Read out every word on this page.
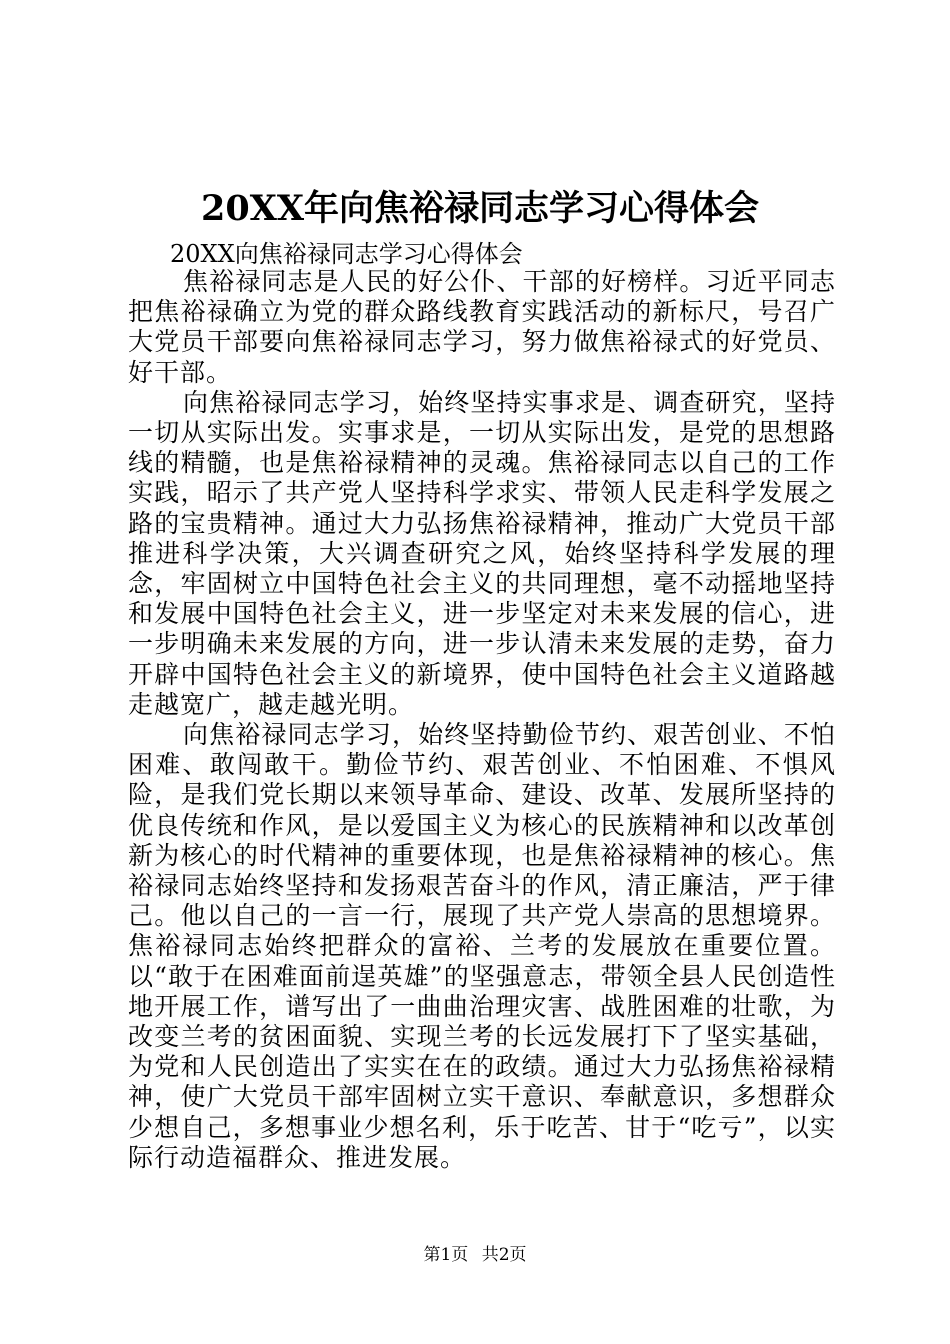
20XX年向焦裕禄同志学习心得体会
20XX向焦裕禄同志学习心得体会

焦裕禄同志是人民的好公仆、干部的好榜样。习近平同志把焦裕禄确立为党的群众路线教育实践活动的新标尺，号召广大党员干部要向焦裕禄同志学习，努力做焦裕禄式的好党员、好干部。

向焦裕禄同志学习，始终坚持实事求是、调查研究，坚持一切从实际出发。实事求是，一切从实际出发，是党的思想路线的精髓，也是焦裕禄精神的灵魂。焦裕禄同志以自己的工作实践，昭示了共产党人坚持科学求实、带领人民走科学发展之路的宝贵精神。通过大力弘扬焦裕禄精神，推动广大党员干部推进科学决策，大兴调查研究之风，始终坚持科学发展的理念，牢固树立中国特色社会主义的共同理想，毫不动摇地坚持和发展中国特色社会主义，进一步坚定对未来发展的信心，进一步明确未来发展的方向，进一步认清未来发展的走势，奋力开辟中国特色社会主义的新境界，使中国特色社会主义道路越走越宽广，越走越光明。

向焦裕禄同志学习，始终坚持勤俭节约、艰苦创业、不怕困难、敢闯敢干。勤俭节约、艰苦创业、不怕困难、不惧风险，是我们党长期以来领导革命、建设、改革、发展所坚持的优良传统和作风，是以爱国主义为核心的民族精神和以改革创新为核心的时代精神的重要体现，也是焦裕禄精神的核心。焦裕禄同志始终坚持和发扬艰苦奋斗的作风，清正廉洁，严于律己。他以自己的一言一行，展现了共产党人崇高的思想境界。焦裕禄同志始终把群众的富裕、兰考的发展放在重要位置。以“敢于在困难面前逞英雄”的坚强意志，带领全县人民创造性地开展工作，谱写出了一曲曲治理灾害、战胜困难的壮歌，为改变兰考的贫困面貌、实现兰考的长远发展打下了坚实基础，为党和人民创造出了实实在在的政绩。通过大力弘扬焦裕禄精神，使广大党员干部牢固树立实干意识、奉献意识，多想群众少想自己，多想事业少想名利，乐于吃苦、甘于“吃亏”，以实际行动造福群众、推进发展。

第1页 共2页
